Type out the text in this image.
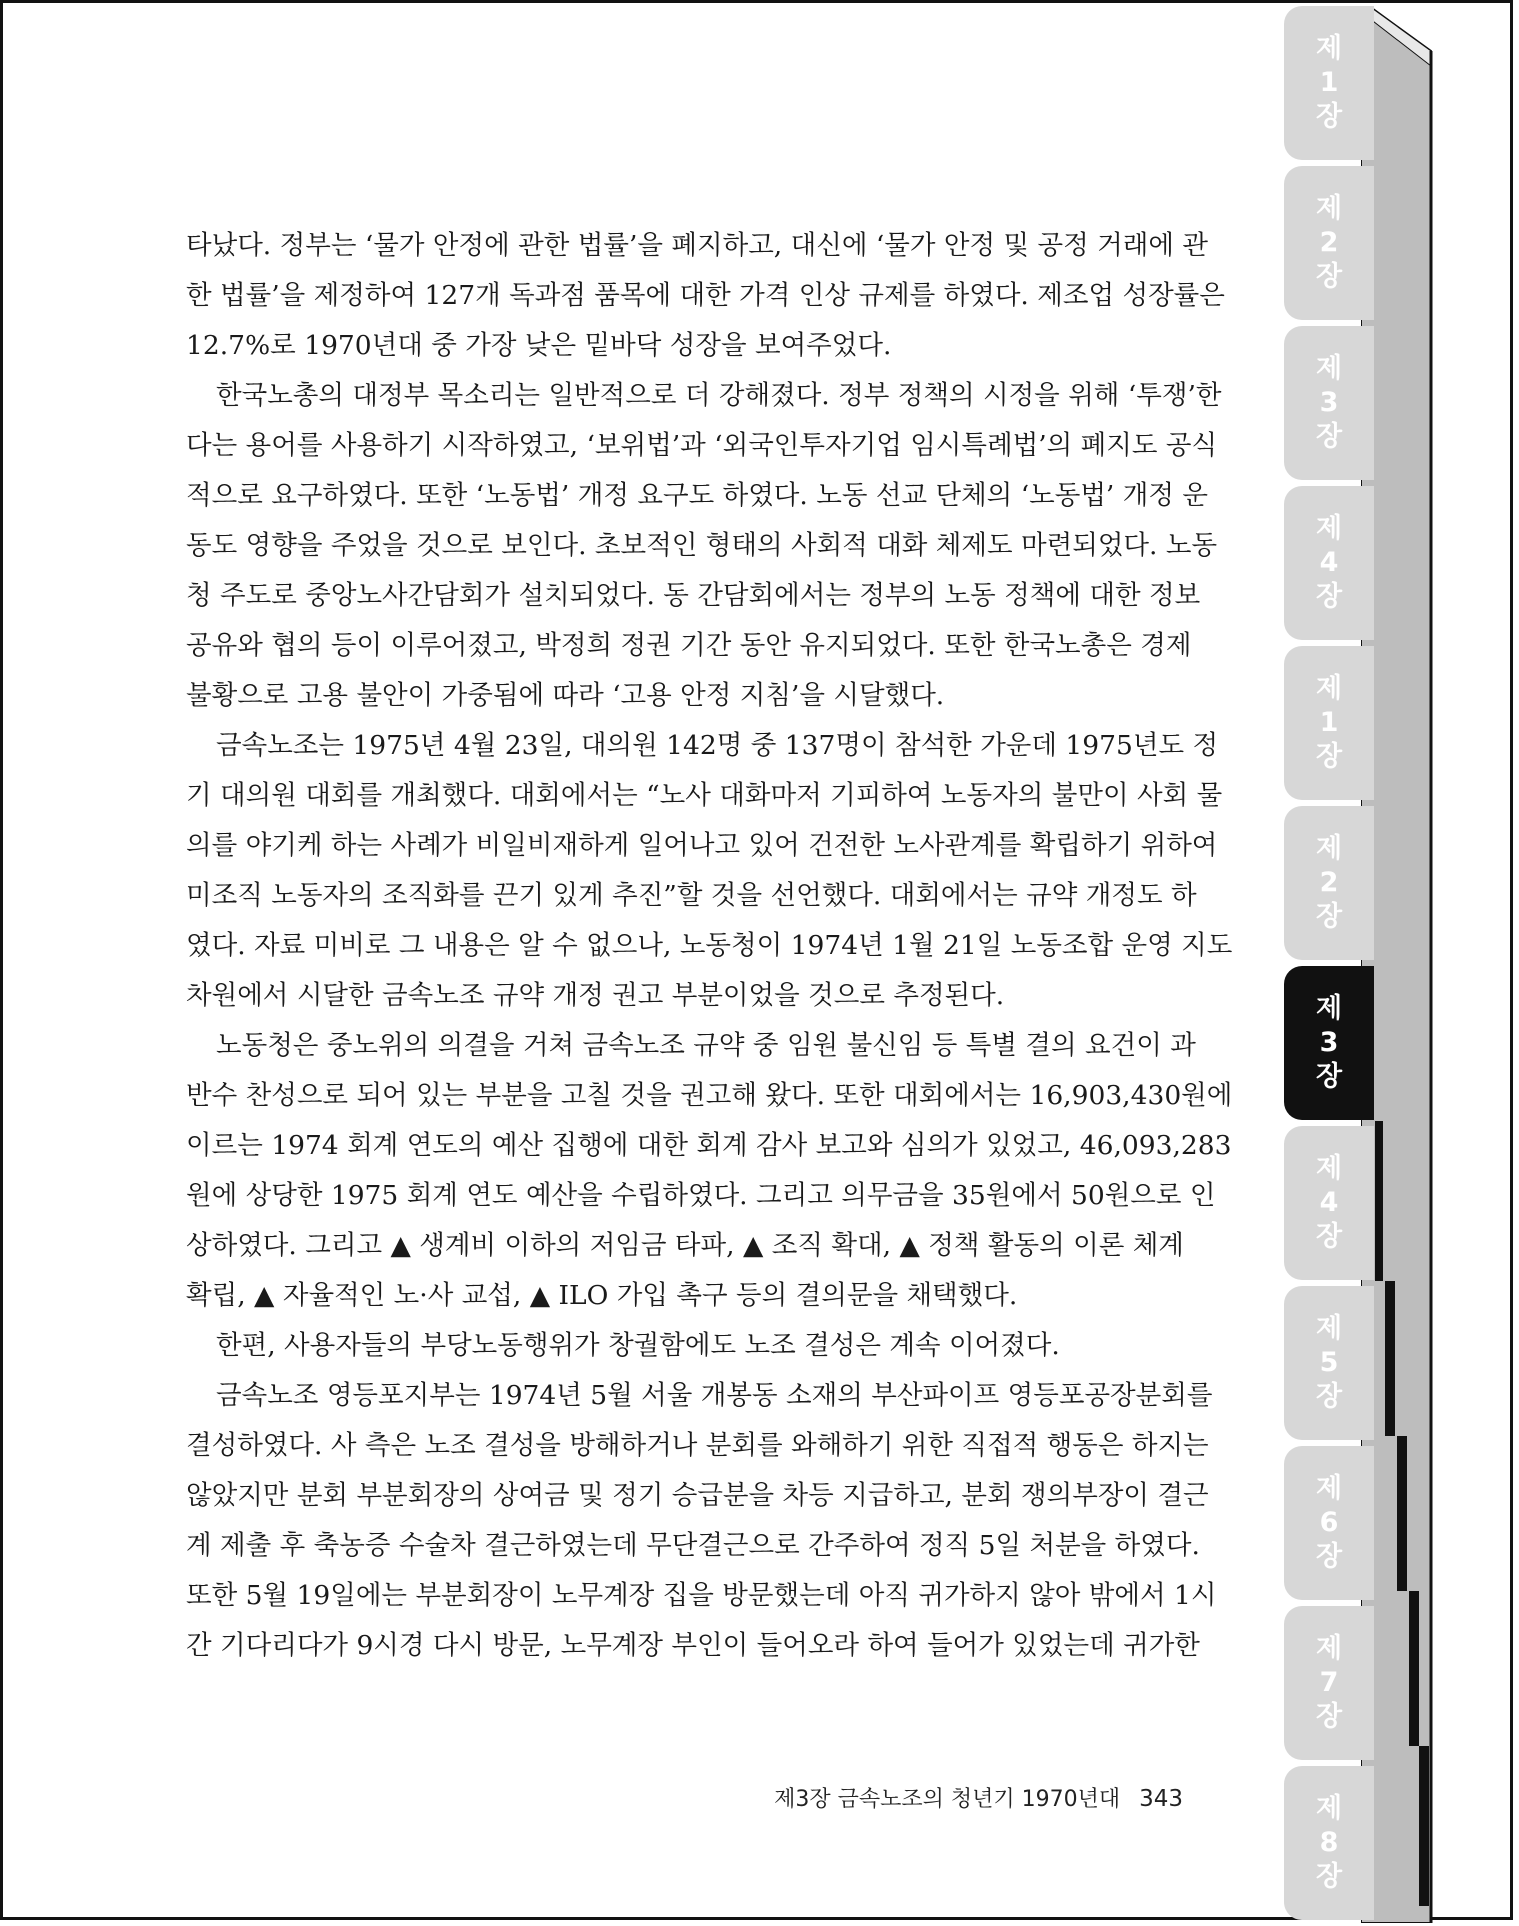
제
1
장
제
2
장
제
3
장
제
4
장
제
1
장
제
2
장
제
3
장
제
4
장
제
5
장
제
6
장
제
7
장
제
8
장
타났다. 정부는 ‘물가 안정에 관한 법률’을 폐지하고, 대신에 ‘물가 안정 및 공정 거래에 관
한 법률’을 제정하여 127개 독과점 품목에 대한 가격 인상 규제를 하였다. 제조업 성장률은
12.7%로 1970년대 중 가장 낮은 밑바닥 성장을 보여주었다.
한국노총의 대정부 목소리는 일반적으로 더 강해졌다. 정부 정책의 시정을 위해 ‘투쟁’한
다는 용어를 사용하기 시작하였고, ‘보위법’과 ‘외국인투자기업 임시특례법’의 폐지도 공식
적으로 요구하였다. 또한 ‘노동법’ 개정 요구도 하였다. 노동 선교 단체의 ‘노동법’ 개정 운
동도 영향을 주었을 것으로 보인다. 초보적인 형태의 사회적 대화 체제도 마련되었다. 노동
청 주도로 중앙노사간담회가 설치되었다. 동 간담회에서는 정부의 노동 정책에 대한 정보
공유와 협의 등이 이루어졌고, 박정희 정권 기간 동안 유지되었다. 또한 한국노총은 경제
불황으로 고용 불안이 가중됨에 따라 ‘고용 안정 지침’을 시달했다.
금속노조는 1975년 4월 23일, 대의원 142명 중 137명이 참석한 가운데 1975년도 정
기 대의원 대회를 개최했다. 대회에서는 “노사 대화마저 기피하여 노동자의 불만이 사회 물
의를 야기케 하는 사례가 비일비재하게 일어나고 있어 건전한 노사관계를 확립하기 위하여
미조직 노동자의 조직화를 끈기 있게 추진”할 것을 선언했다. 대회에서는 규약 개정도 하
였다. 자료 미비로 그 내용은 알 수 없으나, 노동청이 1974년 1월 21일 노동조합 운영 지도
차원에서 시달한 금속노조 규약 개정 권고 부분이었을 것으로 추정된다.
노동청은 중노위의 의결을 거쳐 금속노조 규약 중 임원 불신임 등 특별 결의 요건이 과
반수 찬성으로 되어 있는 부분을 고칠 것을 권고해 왔다. 또한 대회에서는 16,903,430원에
이르는 1974 회계 연도의 예산 집행에 대한 회계 감사 보고와 심의가 있었고, 46,093,283
원에 상당한 1975 회계 연도 예산을 수립하였다. 그리고 의무금을 35원에서 50원으로 인
상하였다. 그리고 ▲ 생계비 이하의 저임금 타파, ▲ 조직 확대, ▲ 정책 활동의 이론 체계
확립, ▲ 자율적인 노·사 교섭, ▲ ILO 가입 촉구 등의 결의문을 채택했다.
한편, 사용자들의 부당노동행위가 창궐함에도 노조 결성은 계속 이어졌다.
금속노조 영등포지부는 1974년 5월 서울 개봉동 소재의 부산파이프 영등포공장분회를
결성하였다. 사 측은 노조 결성을 방해하거나 분회를 와해하기 위한 직접적 행동은 하지는
않았지만 분회 부분회장의 상여금 및 정기 승급분을 차등 지급하고, 분회 쟁의부장이 결근
계 제출 후 축농증 수술차 결근하였는데 무단결근으로 간주하여 정직 5일 처분을 하였다.
또한 5월 19일에는 부분회장이 노무계장 집을 방문했는데 아직 귀가하지 않아 밖에서 1시
간 기다리다가 9시경 다시 방문, 노무계장 부인이 들어오라 하여 들어가 있었는데 귀가한
제3장 금속노조의 청년기 1970년대 343
